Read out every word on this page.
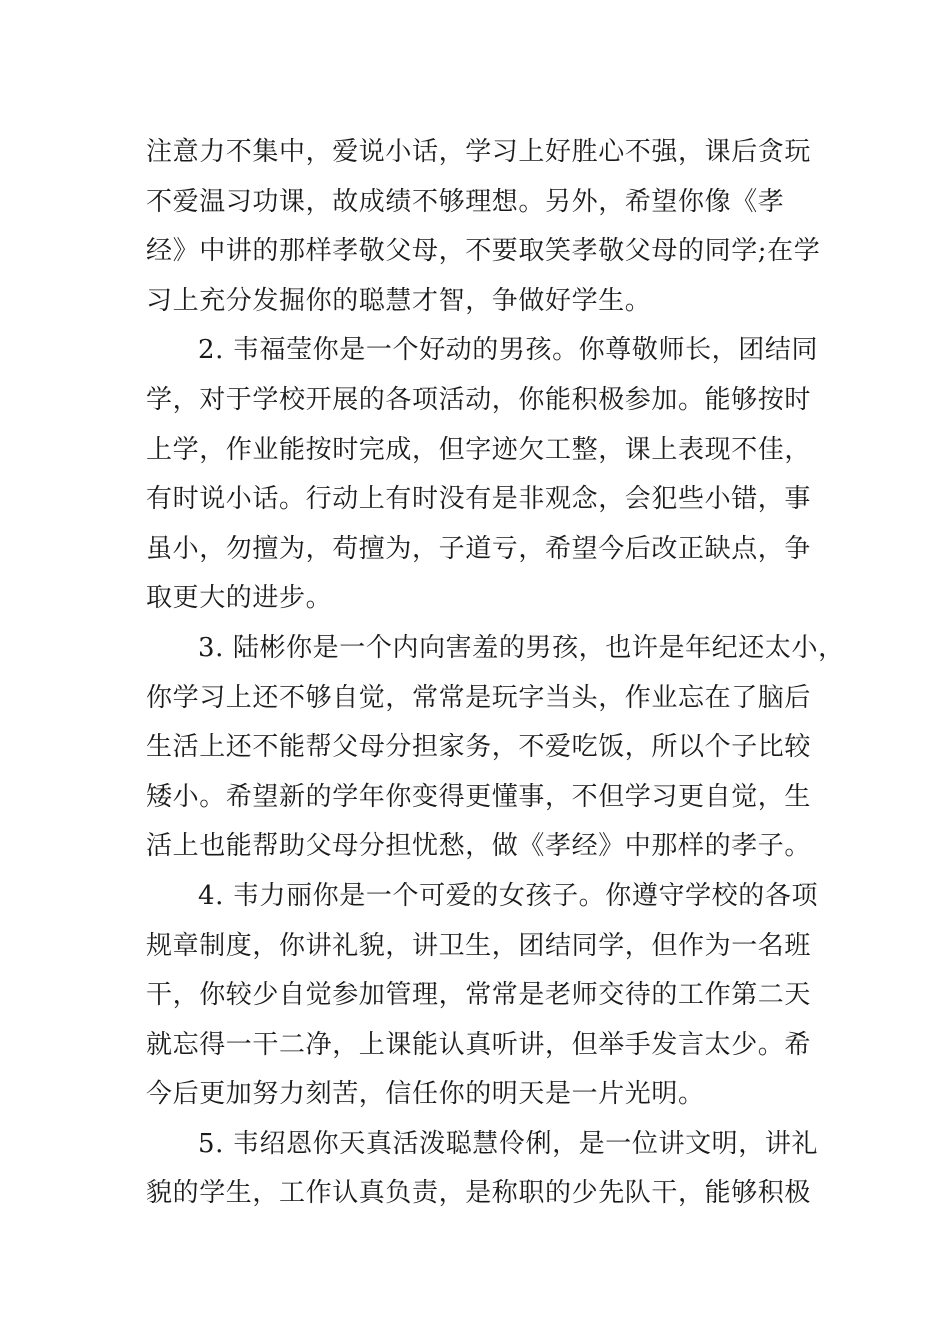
注意力不集中，爱说小话，学习上好胜心不强，课后贪玩
不爱温习功课，故成绩不够理想。另外，希望你像《孝
经》中讲的那样孝敬父母，不要取笑孝敬父母的同学;在学
习上充分发掘你的聪慧才智，争做好学生。
2. 韦福莹你是一个好动的男孩。你尊敬师长，团结同
学，对于学校开展的各项活动，你能积极参加。能够按时
上学，作业能按时完成，但字迹欠工整，课上表现不佳，
有时说小话。行动上有时没有是非观念，会犯些小错，事
虽小，勿擅为，苟擅为，子道亏，希望今后改正缺点，争
取更大的进步。
3. 陆彬你是一个内向害羞的男孩，也许是年纪还太小，
你学习上还不够自觉，常常是玩字当头，作业忘在了脑后
生活上还不能帮父母分担家务，不爱吃饭，所以个子比较
矮小。希望新的学年你变得更懂事，不但学习更自觉，生
活上也能帮助父母分担忧愁，做《孝经》中那样的孝子。
4. 韦力丽你是一个可爱的女孩子。你遵守学校的各项
规章制度，你讲礼貌，讲卫生，团结同学，但作为一名班
干，你较少自觉参加管理，常常是老师交待的工作第二天
就忘得一干二净，上课能认真听讲，但举手发言太少。希
今后更加努力刻苦，信任你的明天是一片光明。
5. 韦绍恩你天真活泼聪慧伶俐，是一位讲文明，讲礼
貌的学生，工作认真负责，是称职的少先队干，能够积极
